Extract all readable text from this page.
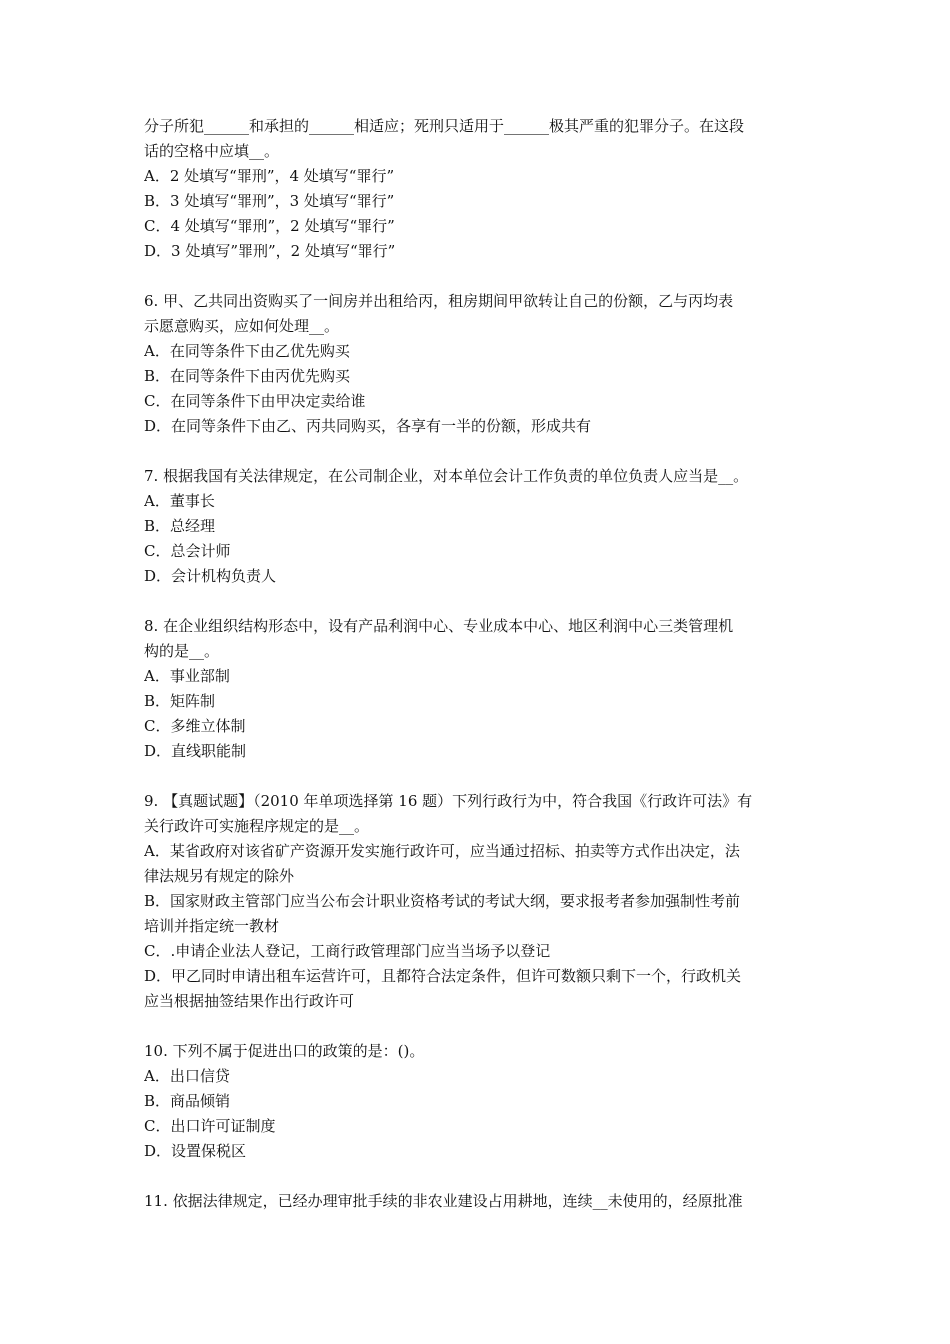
分子所犯______和承担的______相适应；死刑只适用于______极其严重的犯罪分子。在这段
话的空格中应填__。
A．2 处填写“罪刑”，4 处填写“罪行”
B．3 处填写“罪刑”，3 处填写“罪行”
C．4 处填写“罪刑”，2 处填写“罪行”
D．3 处填写”罪刑”，2 处填写“罪行”
6. 甲、乙共同出资购买了一间房并出租给丙，租房期间甲欲转让自己的份额，乙与丙均表
示愿意购买，应如何处理__。
A．在同等条件下由乙优先购买
B．在同等条件下由丙优先购买
C．在同等条件下由甲决定卖给谁
D．在同等条件下由乙、丙共同购买，各享有一半的份额，形成共有
7. 根据我国有关法律规定，在公司制企业，对本单位会计工作负责的单位负责人应当是__。
A．董事长
B．总经理
C．总会计师
D．会计机构负责人
8. 在企业组织结构形态中，设有产品利润中心、专业成本中心、地区利润中心三类管理机
构的是__。
A．事业部制
B．矩阵制
C．多维立体制
D．直线职能制
9. 【真题试题】（2010 年单项选择第 16 题）下列行政行为中，符合我国《行政许可法》有
关行政许可实施程序规定的是__。
A．某省政府对该省矿产资源开发实施行政许可，应当通过招标、拍卖等方式作出决定，法
律法规另有规定的除外
B．国家财政主管部门应当公布会计职业资格考试的考试大纲，要求报考者参加强制性考前
培训并指定统一教材
C．.申请企业法人登记，工商行政管理部门应当当场予以登记
D．甲乙同时申请出租车运营许可，且都符合法定条件，但许可数额只剩下一个，行政机关
应当根据抽签结果作出行政许可
10. 下列不属于促进出口的政策的是：()。
A．出口信贷
B．商品倾销
C．出口许可证制度
D．设置保税区
11. 依据法律规定，已经办理审批手续的非农业建设占用耕地，连续__未使用的，经原批准
